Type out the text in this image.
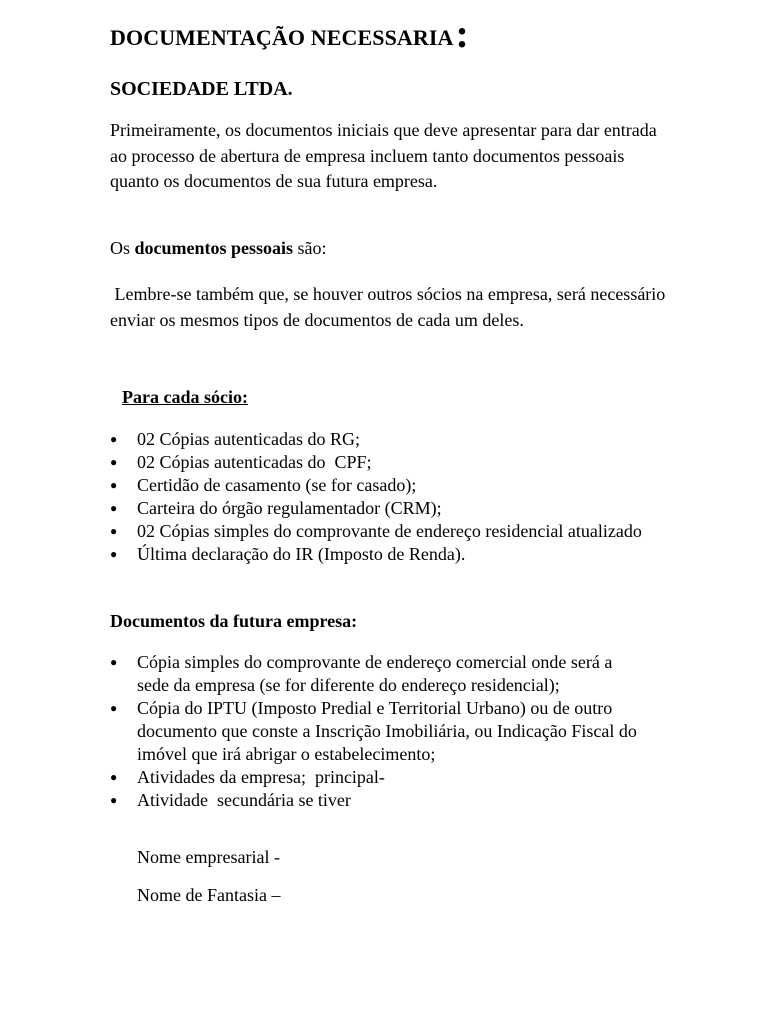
DOCUMENTAÇÃO NECESSARIA:
SOCIEDADE LTDA.
Primeiramente, os documentos iniciais que deve apresentar para dar entrada ao processo de abertura de empresa incluem tanto documentos pessoais quanto os documentos de sua futura empresa.
Os documentos pessoais são:
Lembre-se também que, se houver outros sócios na empresa, será necessário enviar os mesmos tipos de documentos de cada um deles.
Para cada sócio:
●	02 Cópias autenticadas do RG;
●	02 Cópias autenticadas do  CPF;
●	Certidão de casamento (se for casado);
●	Carteira do órgão regulamentador (CRM);
●	02 Cópias simples do comprovante de endereço residencial atualizado
●	Última declaração do IR (Imposto de Renda).
Documentos da futura empresa:
●	Cópia simples do comprovante de endereço comercial onde será a sede da empresa (se for diferente do endereço residencial);
●	Cópia do IPTU (Imposto Predial e Territorial Urbano) ou de outro documento que conste a Inscrição Imobiliária, ou Indicação Fiscal do imóvel que irá abrigar o estabelecimento;
●	Atividades da empresa;  principal-
●	Atividade  secundária se tiver
Nome empresarial -
Nome de Fantasia –
